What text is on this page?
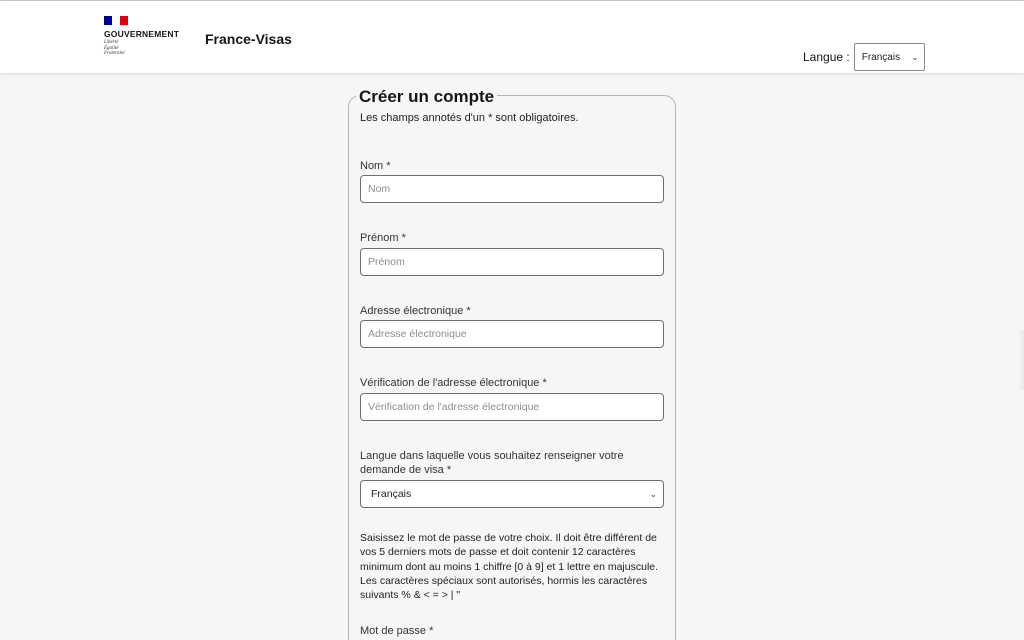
GOUVERNEMENT
Liberté
Égalité
Fraternité
France-Visas
Langue : Français ⌄
Créer un compte
Les champs annotés d'un * sont obligatoires.
Nom *
Nom
Prénom *
Prénom
Adresse électronique *
Adresse électronique
Vérification de l'adresse électronique *
Vérification de l'adresse électronique
Langue dans laquelle vous souhaitez renseigner votre demande de visa *
Français	⌄
Saisissez le mot de passe de votre choix. Il doit être différent de vos 5 derniers mots de passe et doit contenir 12 caractères minimum dont au moins 1 chiffre [0 à 9] et 1 lettre en majuscule. Les caractères spéciaux sont autorisés, hormis les caractères suivants % & < = > | "
Mot de passe *
